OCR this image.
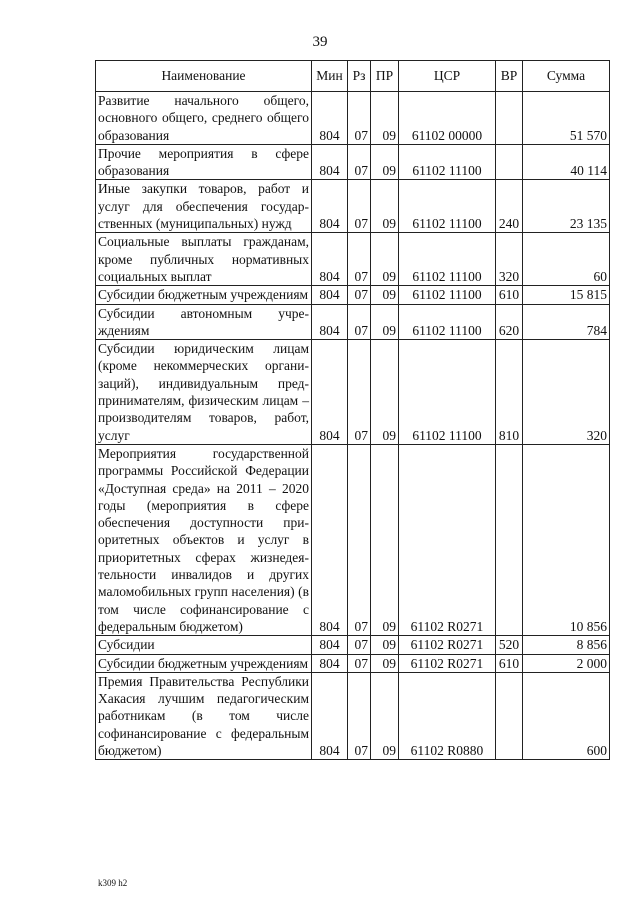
39
Наименование	Мин	Рз	ПР	ЦСР	ВР	Сумма
Развитие начального общего, основного общего, среднего общего образования	804	07	09	61102 00000		51 570
Прочие мероприятия в сфере образования	804	07	09	61102 11100		40 114
Иные закупки товаров, работ и услуг для обеспечения государственных (муниципальных) нужд	804	07	09	61102 11100	240	23 135
Социальные выплаты гражданам, кроме публичных нормативных социальных выплат	804	07	09	61102 11100	320	60
Субсидии бюджетным учреждениям	804	07	09	61102 11100	610	15 815
Субсидии автономным учреждениям	804	07	09	61102 11100	620	784
Субсидии юридическим лицам (кроме некоммерческих организаций), индивидуальным предпринимателям, физическим лицам – производителям товаров, работ, услуг	804	07	09	61102 11100	810	320
Мероприятия государственной программы Российской Федерации «Доступная среда» на 2011 – 2020 годы (мероприятия в сфере обеспечения доступности приоритетных объектов и услуг в приоритетных сферах жизнедеятельности инвалидов и других маломобильных групп населения) (в том числе софинансирование с федеральным бюджетом)	804	07	09	61102 R0271		10 856
Субсидии	804	07	09	61102 R0271	520	8 856
Субсидии бюджетным учреждениям	804	07	09	61102 R0271	610	2 000
Премия Правительства Республики Хакасия лучшим педагогическим работникам (в том числе софинансирование с федеральным бюджетом)	804	07	09	61102 R0880		600
k309 h2
